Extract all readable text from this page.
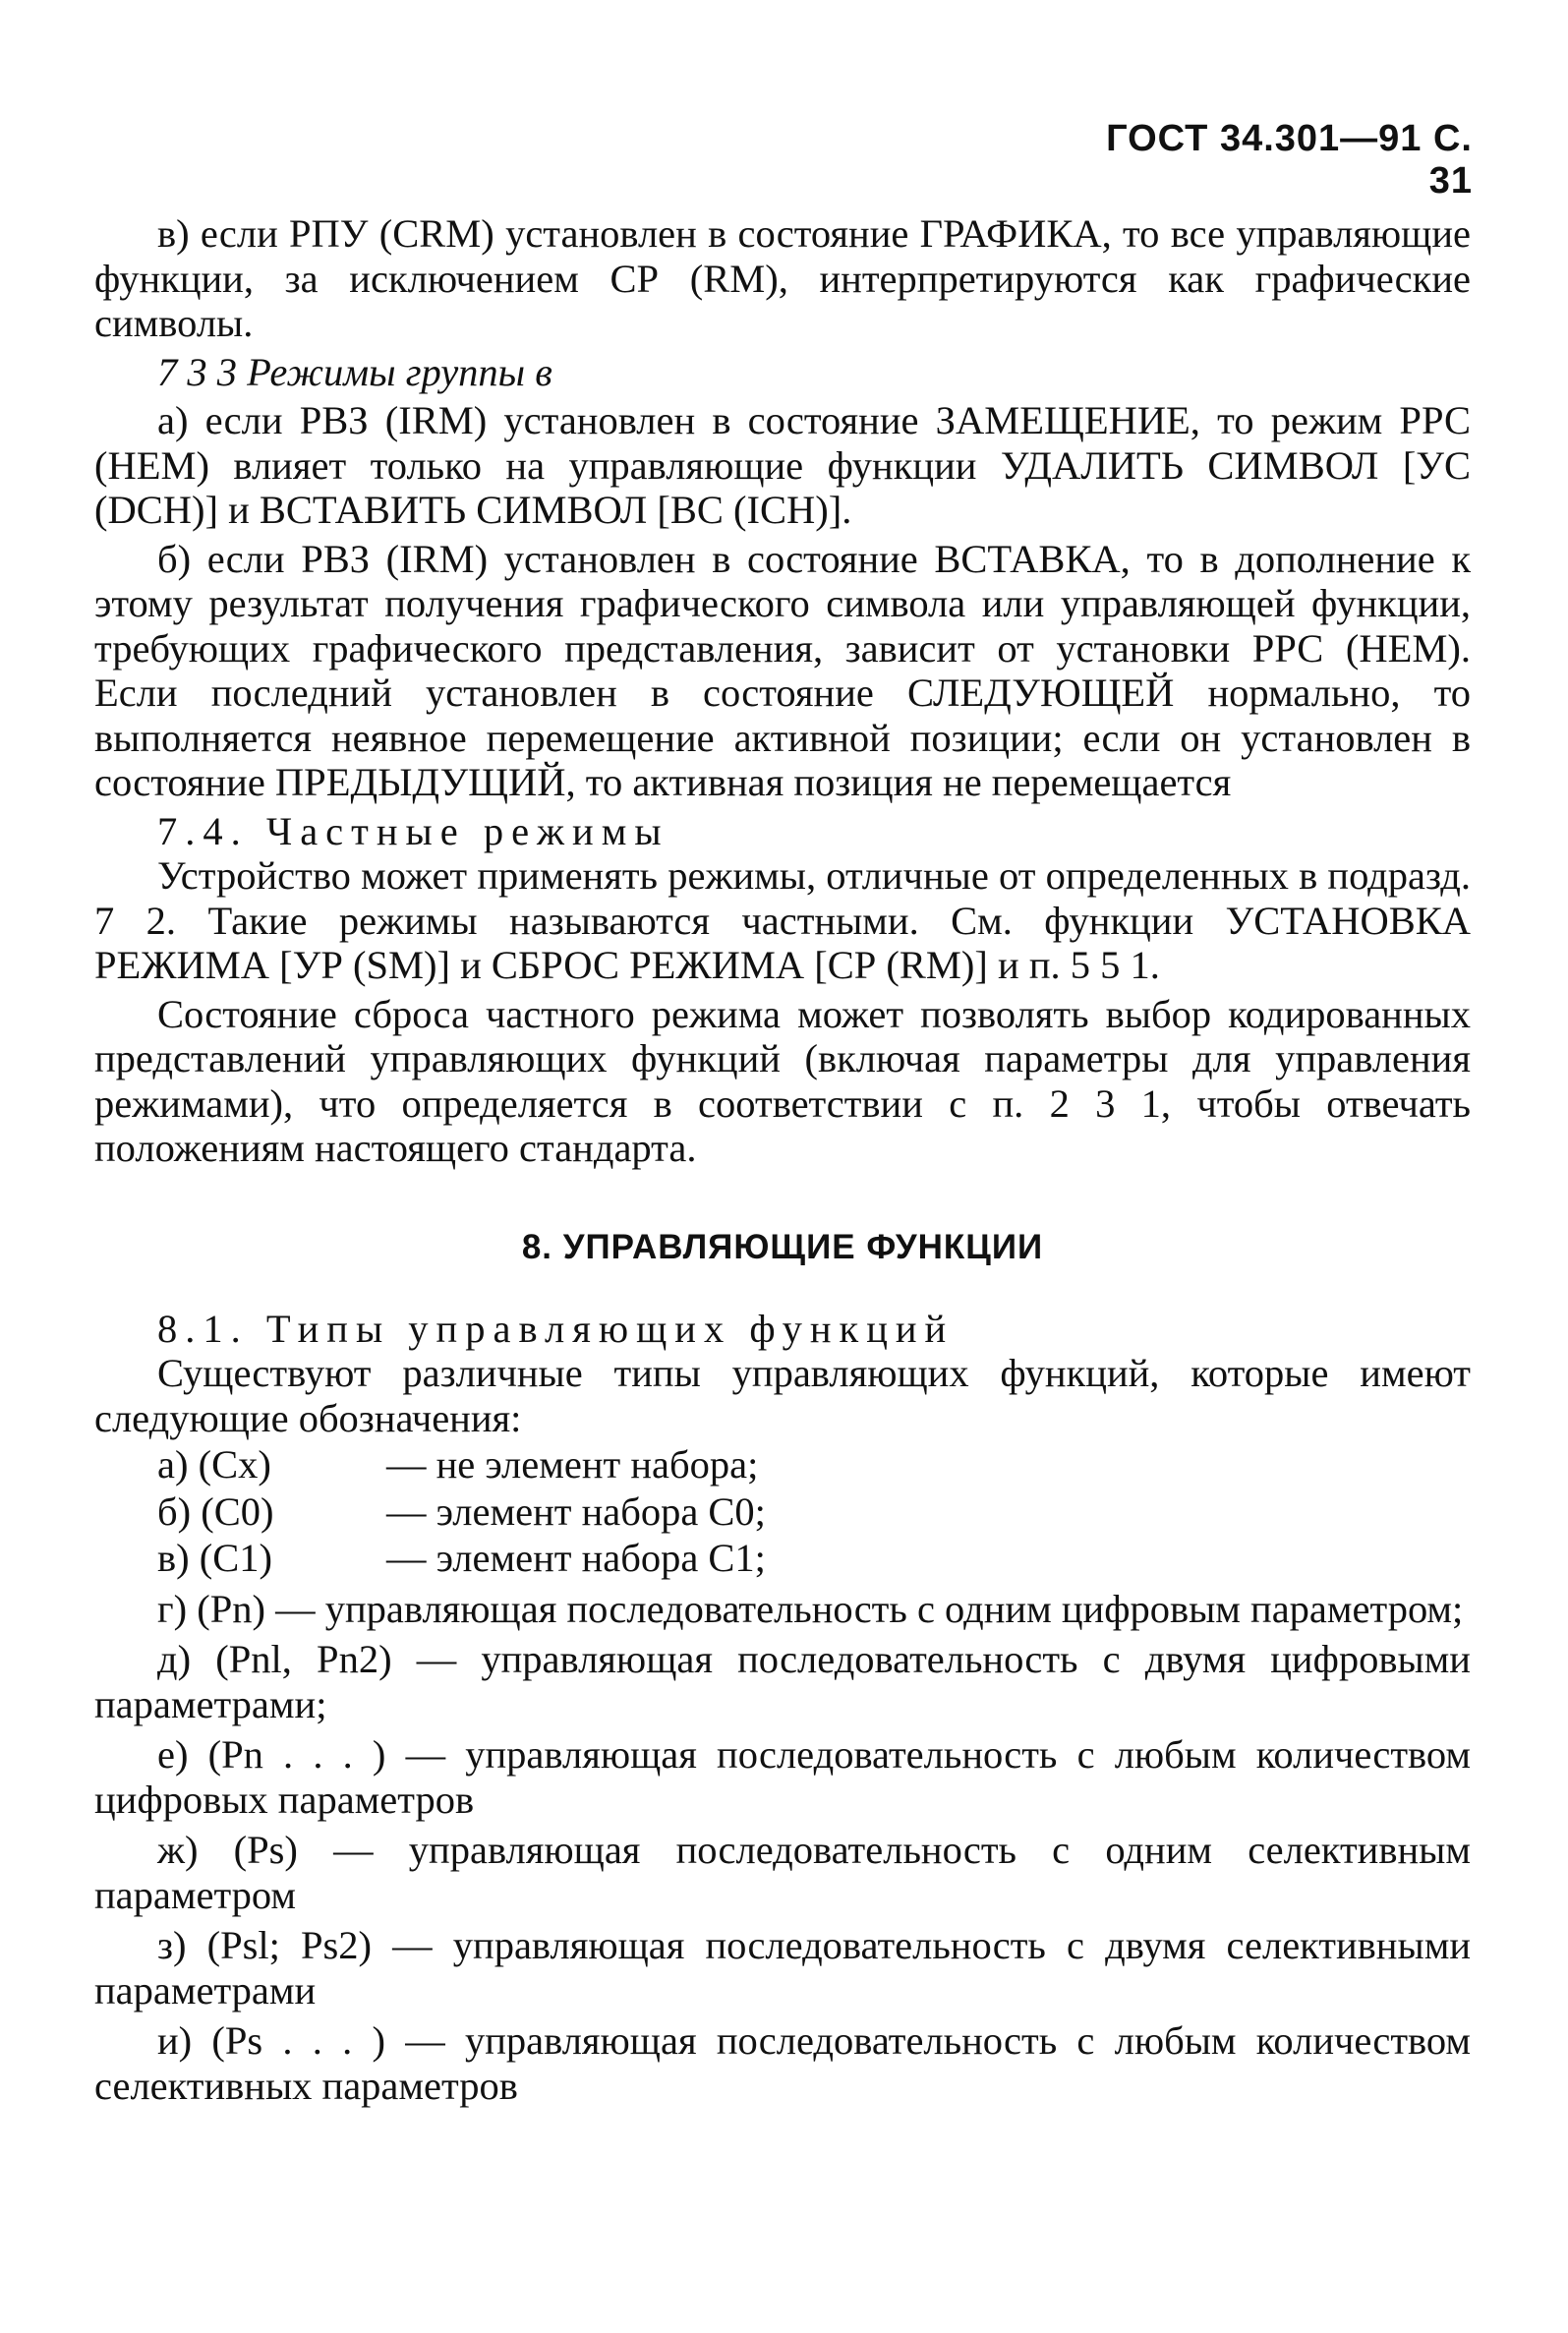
ГОСТ 34.301—91 С. 31

в) если РПУ (CRM) установлен в состояние ГРАФИКА, то все управляющие функции, за исключением СР (RM), интерпретируются как графические символы.

7 3 3 Режимы группы в

а) если РВЗ (IRM) установлен в состояние ЗАМЕЩЕНИЕ, то режим РРС (HEM) влияет только на управляющие функции УДАЛИТЬ СИМВОЛ [УС (DCH)] и ВСТАВИТЬ СИМВОЛ [ВС (ICH)].

б) если РВЗ (IRM) установлен в состояние ВСТАВКА, то в дополнение к этому результат получения графического символа или управляющей функции, требующих графического представления, зависит от установки РРС (HEM). Если последний установлен в состояние СЛЕДУЮЩЕЙ нормально, то выполняется неявное перемещение активной позиции; если он установлен в состояние ПРЕДЫДУЩИЙ, то активная позиция не перемещается

7.4. Частные режимы

Устройство может применять режимы, отличные от определенных в подразд. 7 2. Такие режимы называются частными. См. функции УСТАНОВКА РЕЖИМА [УР (SM)] и СБРОС РЕЖИМА [СР (RM)] и п. 5 5 1.

Состояние сброса частного режима может позволять выбор кодированных представлений управляющих функций (включая параметры для управления режимами), что определяется в соответствии с п. 2 3 1, чтобы отвечать положениям настоящего стандарта.

8. УПРАВЛЯЮЩИЕ ФУНКЦИИ

8.1. Типы управляющих функций

Существуют различные типы управляющих функций, которые имеют следующие обозначения:

а) (Сх)	— не элемент набора;
б) (С0)	— элемент набора С0;
в) (С1)	— элемент набора С1;

г) (Pn) — управляющая последовательность с одним цифровым параметром;

д) (Pnl, Pn2) — управляющая последовательность с двумя цифровыми параметрами;

е) (Pn . . . ) — управляющая последовательность с любым количеством цифровых параметров

ж) (Ps) — управляющая последовательность с одним селективным параметром

з) (Psl; Ps2) — управляющая последовательность с двумя селективными параметрами

и) (Ps . . . ) — управляющая последовательность с любым количеством селективных параметров
